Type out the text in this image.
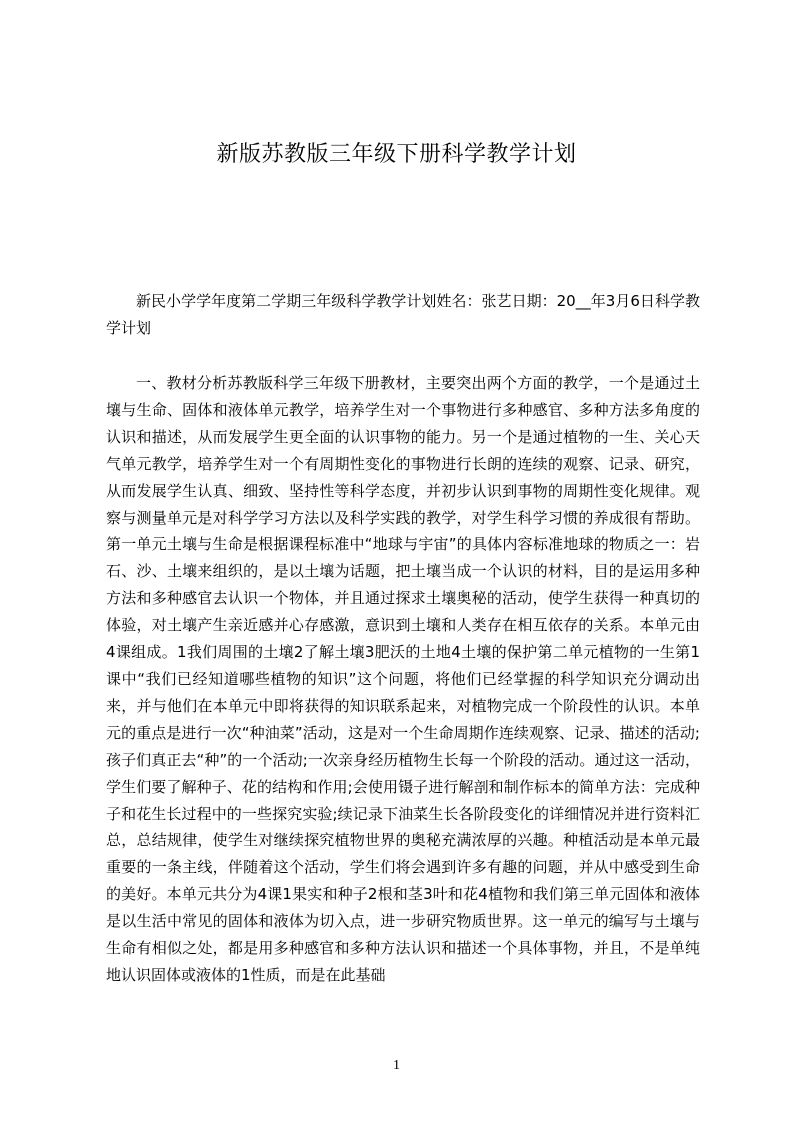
新版苏教版三年级下册科学教学计划

新民小学学年度第二学期三年级科学教学计划姓名：张艺日期：20__年3月6日科学教学计划

一、教材分析苏教版科学三年级下册教材，主要突出两个方面的教学，一个是通过土壤与生命、固体和液体单元教学，培养学生对一个事物进行多种感官、多种方法多角度的认识和描述，从而发展学生更全面的认识事物的能力。另一个是通过植物的一生、关心天气单元教学，培养学生对一个有周期性变化的事物进行长朗的连续的观察、记录、研究，从而发展学生认真、细致、坚持性等科学态度，并初步认识到事物的周期性变化规律。观察与测量单元是对科学学习方法以及科学实践的教学，对学生科学习惯的养成很有帮助。第一单元土壤与生命是根据课程标准中“地球与宇宙”的具体内容标准地球的物质之一：岩石、沙、土壤来组织的，是以土壤为话题，把土壤当成一个认识的材料，目的是运用多种方法和多种感官去认识一个物体，并且通过探求土壤奥秘的活动，使学生获得一种真切的体验，对土壤产生亲近感并心存感激，意识到土壤和人类存在相互依存的关系。本单元由4课组成。1我们周围的土壤2了解土壤3肥沃的土地4土壤的保护第二单元植物的一生第1课中“我们已经知道哪些植物的知识”这个问题，将他们已经掌握的科学知识充分调动出来，并与他们在本单元中即将获得的知识联系起来，对植物完成一个阶段性的认识。本单元的重点是进行一次“种油菜”活动，这是对一个生命周期作连续观察、记录、描述的活动;孩子们真正去“种”的一个活动;一次亲身经历植物生长每一个阶段的活动。通过这一活动，学生们要了解种子、花的结构和作用;会使用镊子进行解剖和制作标本的简单方法：完成种子和花生长过程中的一些探究实验;续记录下油菜生长各阶段变化的详细情况并进行资料汇总，总结规律，使学生对继续探究植物世界的奥秘充满浓厚的兴趣。种植活动是本单元最重要的一条主线，伴随着这个活动，学生们将会遇到许多有趣的问题，并从中感受到生命的美好。本单元共分为4课1果实和种子2根和茎3叶和花4植物和我们第三单元固体和液体是以生活中常见的固体和液体为切入点，进一步研究物质世界。这一单元的编写与土壤与生命有相似之处，都是用多种感官和多种方法认识和描述一个具体事物，并且，不是单纯地认识固体或液体的1性质，而是在此基础

1
